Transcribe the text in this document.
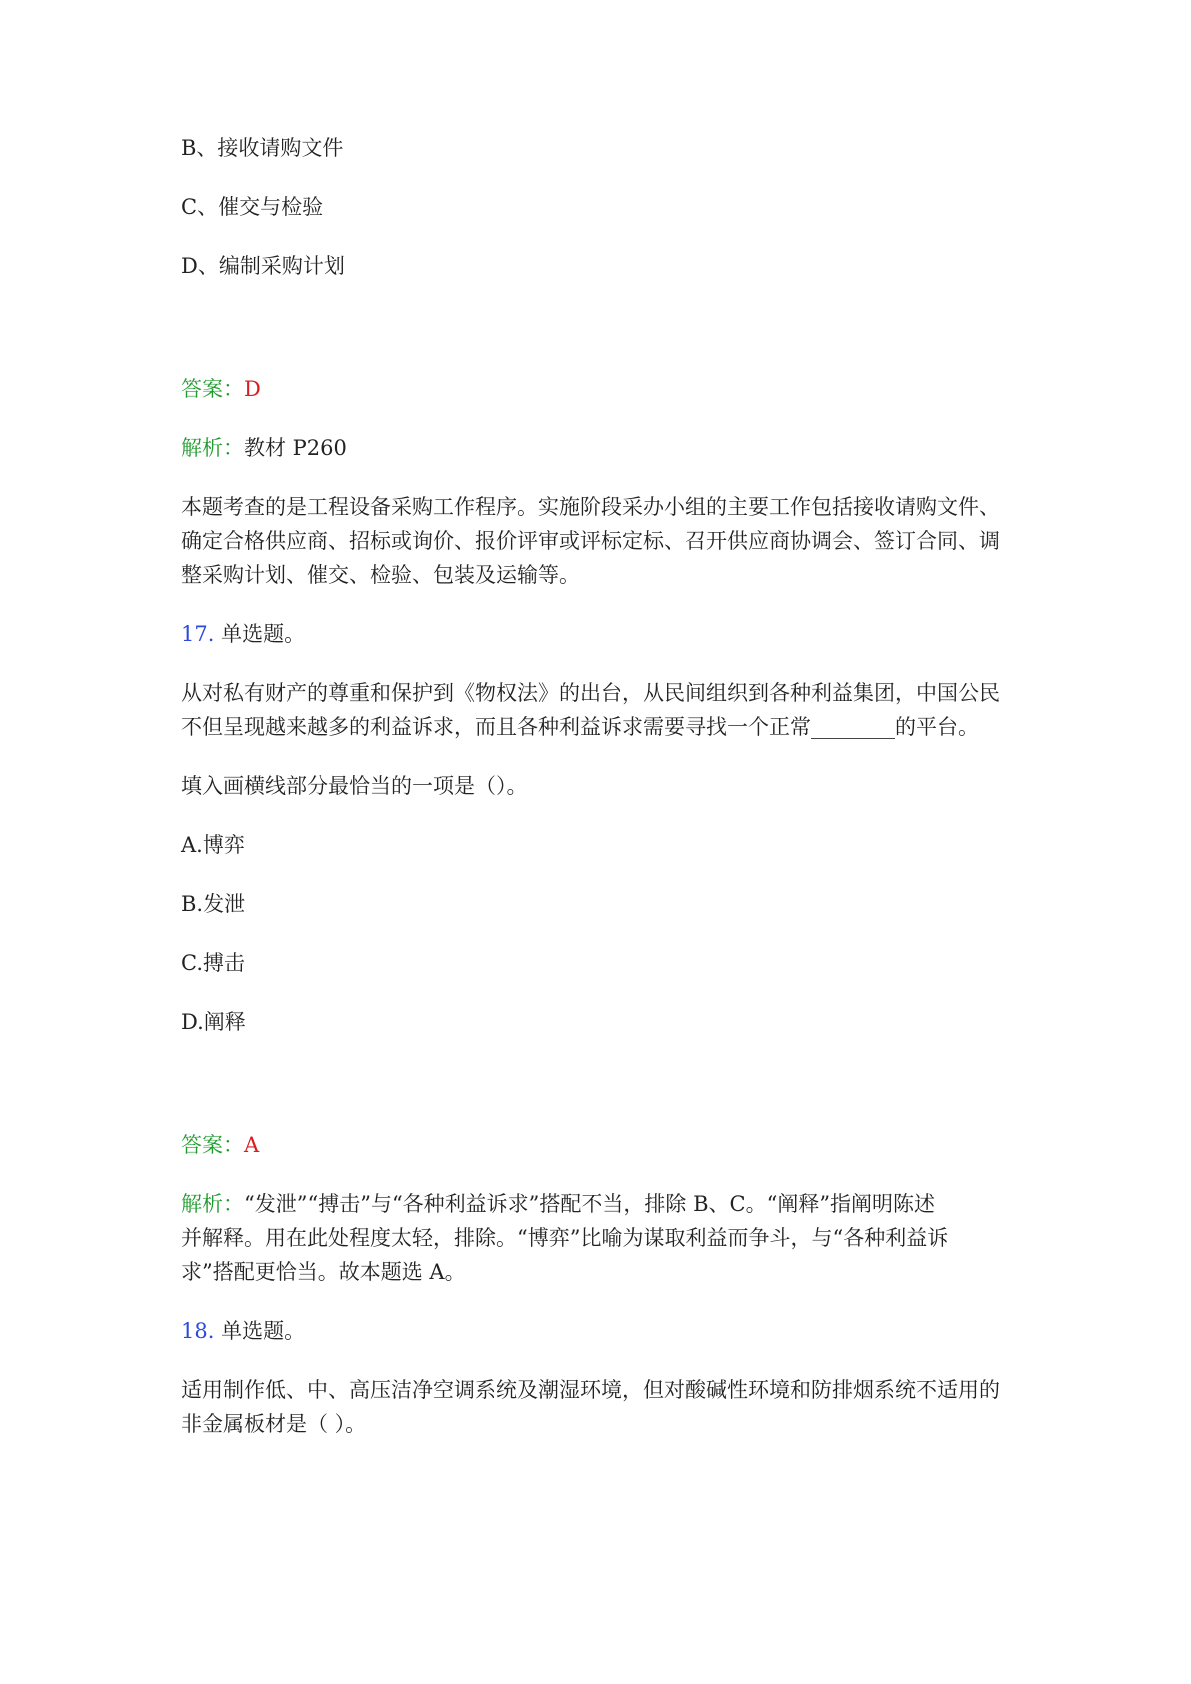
B、接收请购文件
C、催交与检验
D、编制采购计划
答案：D
解析：教材 P260
本题考查的是工程设备采购工作程序。实施阶段采办小组的主要工作包括接收请购文件、
确定合格供应商、招标或询价、报价评审或评标定标、召开供应商协调会、签订合同、调
整采购计划、催交、检验、包装及运输等。
17. 单选题。
从对私有财产的尊重和保护到《物权法》的出台，从民间组织到各种利益集团，中国公民
不但呈现越来越多的利益诉求，而且各种利益诉求需要寻找一个正常________的平台。
填入画横线部分最恰当的一项是（）。
A.博弈
B.发泄
C.搏击
D.阐释
答案：A
解析：“发泄”“搏击”与“各种利益诉求”搭配不当，排除 B、C。“阐释”指阐明陈述
并解释。用在此处程度太轻，排除。“博弈”比喻为谋取利益而争斗，与“各种利益诉
求”搭配更恰当。故本题选 A。
18. 单选题。
适用制作低、中、高压洁净空调系统及潮湿环境，但对酸碱性环境和防排烟系统不适用的
非金属板材是（ ）。
